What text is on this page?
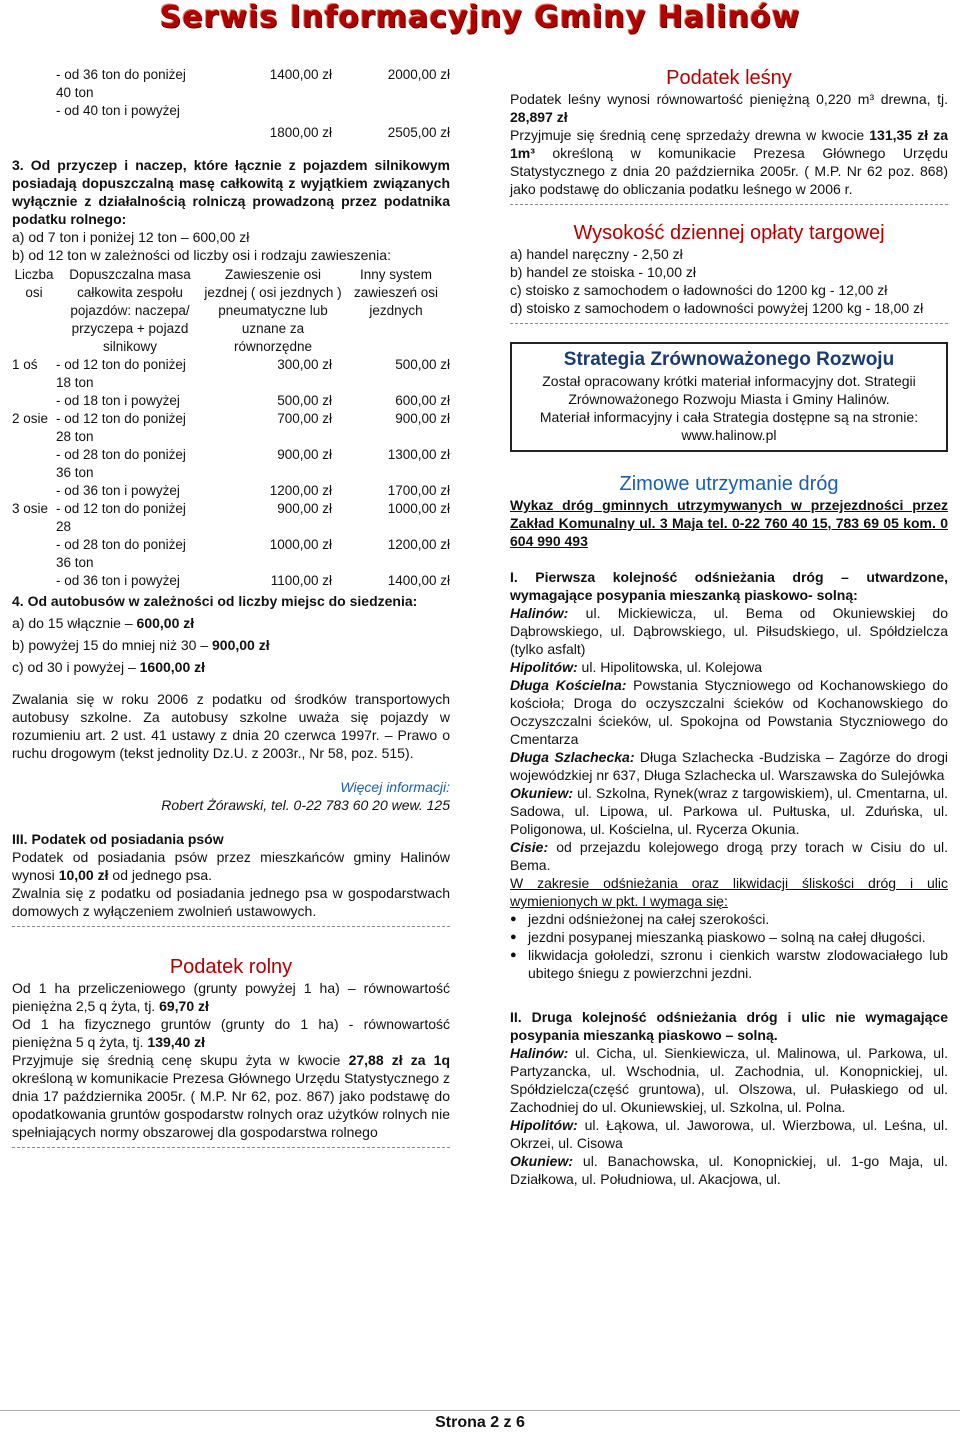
Serwis Informacyjny Gminy Halinów
	- od 36 ton do poniżej 40 ton	1400,00 zł	2000,00 zł
	- od 40 ton i powyżej	1800,00 zł	2505,00 zł

3. Od przyczep i naczep, które łącznie z pojazdem silnikowym posiadają dopuszczalną masę całkowitą z wyjątkiem związanych wyłącznie z działalnością rolniczą prowadzoną przez podatnika podatku rolnego:

a) od 7 ton i poniżej 12 ton – 600,00 zł

b) od 12 ton w zależności od liczby osi i rodzaju zawieszenia:

Liczba osi	Dopuszczalna masa całkowita zespołu pojazdów: naczepa/ przyczepa + pojazd silnikowy	Zawieszenie osi jezdnej ( osi jezdnych ) pneumatyczne lub uznane za równorzędne	Inny system zawieszeń osi jezdnych
1 oś	- od 12 ton do poniżej 18 ton	300,00 zł	500,00 zł
	- od 18 ton i powyżej	500,00 zł	600,00 zł
2 osie	- od 12 ton do poniżej 28 ton	700,00 zł	900,00 zł
	- od 28 ton do poniżej 36 ton	900,00 zł	1300,00 zł
	- od 36 ton i powyżej	1200,00 zł	1700,00 zł
3 osie	- od 12 ton do poniżej 28	900,00 zł	1000,00 zł
	- od 28 ton do poniżej 36 ton	1000,00 zł	1200,00 zł
	- od 36 ton i powyżej	1100,00 zł	1400,00 zł

4. Od autobusów w zależności od liczby miejsc do siedzenia:

a) do 15 włącznie – 600,00 zł

b) powyżej 15 do mniej niż 30 – 900,00 zł

c) od 30 i powyżej – 1600,00 zł

Zwalania się w roku 2006 z podatku od środków transportowych autobusy szkolne. Za autobusy szkolne uważa się pojazdy w rozumieniu art. 2 ust. 41 ustawy z dnia 20 czerwca 1997r. – Prawo o ruchu drogowym (tekst jednolity Dz.U. z 2003r., Nr 58, poz. 515).

Więcej informacji:

Robert Żórawski, tel. 0-22 783 60 20 wew. 125

III. Podatek od posiadania psów

Podatek od posiadania psów przez mieszkańców gminy Halinów wynosi 10,00 zł od jednego psa.

Zwalnia się z podatku od posiadania jednego psa w gospodarstwach domowych z wyłączeniem zwolnień ustawowych.

Podatek rolny

Od 1 ha przeliczeniowego (grunty powyżej 1 ha) – równowartość pieniężna 2,5 q żyta, tj. 69,70 zł

Od 1 ha fizycznego gruntów (grunty do 1 ha) - równowartość pieniężna 5 q żyta, tj. 139,40 zł

Przyjmuje się średnią cenę skupu żyta w kwocie 27,88 zł za 1q określoną w komunikacie Prezesa Głównego Urzędu Statystycznego z dnia 17 października 2005r. ( M.P. Nr 62, poz. 867) jako podstawę do opodatkowania gruntów gospodarstw rolnych oraz użytków rolnych nie spełniających normy obszarowej dla gospodarstwa rolnego

Podatek leśny

Podatek leśny wynosi równowartość pieniężną 0,220 m³ drewna, tj. 28,897 zł

Przyjmuje się średnią cenę sprzedaży drewna w kwocie 131,35 zł za 1m³ określoną w komunikacie Prezesa Głównego Urzędu Statystycznego z dnia 20 października 2005r. ( M.P. Nr 62 poz. 868) jako podstawę do obliczania podatku leśnego w 2006 r.

Wysokość dziennej opłaty targowej

a) handel naręczny - 2,50 zł

b) handel ze stoiska - 10,00 zł

c) stoisko z samochodem o ładowności do 1200 kg - 12,00 zł

d) stoisko z samochodem o ładowności powyżej 1200 kg - 18,00 zł

Strategia Zrównoważonego Rozwoju

Został opracowany krótki materiał informacyjny dot. Strategii Zrównoważonego Rozwoju Miasta i Gminy Halinów.

Materiał informacyjny i cała Strategia dostępne są na stronie:

www.halinow.pl

Zimowe utrzymanie dróg

Wykaz dróg gminnych utrzymywanych w przejezdności przez Zakład Komunalny ul. 3 Maja tel. 0-22 760 40 15, 783 69 05 kom. 0 604 990 493

I. Pierwsza kolejność odśnieżania dróg – utwardzone, wymagające posypania mieszanką piaskowo- solną:

Halinów: ul. Mickiewicza, ul. Bema od Okuniewskiej do Dąbrowskiego, ul. Dąbrowskiego, ul. Piłsudskiego, ul. Spółdzielcza (tylko asfalt)

Hipolitów: ul. Hipolitowska, ul. Kolejowa

Długa Kościelna: Powstania Styczniowego od Kochanowskiego do kościoła; Droga do oczyszczalni ścieków od Kochanowskiego do Oczyszczalni ścieków, ul. Spokojna od Powstania Styczniowego do Cmentarza

Długa Szlachecka: Długa Szlachecka -Budziska – Zagórze do drogi wojewódzkiej nr 637, Długa Szlachecka ul. Warszawska do Sulejówka

Okuniew: ul. Szkolna, Rynek(wraz z targowiskiem), ul. Cmentarna, ul. Sadowa, ul. Lipowa, ul. Parkowa ul. Pułtuska, ul. Zduńska, ul. Poligonowa, ul. Kościelna, ul. Rycerza Okunia.

Cisie: od przejazdu kolejowego drogą przy torach w Cisiu do ul. Bema.

W zakresie odśnieżania oraz likwidacji śliskości dróg i ulic wymienionych w pkt. I wymaga się:

● jezdni odśnieżonej na całej szerokości.
● jezdni posypanej mieszanką piaskowo – solną na całej długości.
● likwidacja gołoledzi, szronu i cienkich warstw zlodowaciałego lub ubitego śniegu z powierzchni jezdni.

II. Druga kolejność odśnieżania dróg i ulic nie wymagające posypania mieszanką piaskowo – solną.

Halinów: ul. Cicha, ul. Sienkiewicza, ul. Malinowa, ul. Parkowa, ul. Partyzancka, ul. Wschodnia, ul. Zachodnia, ul. Konopnickiej, ul. Spółdzielcza(część gruntowa), ul. Olszowa, ul. Pułaskiego od ul. Zachodniej do ul. Okuniewskiej, ul. Szkolna, ul. Polna.

Hipolitów: ul. Łąkowa, ul. Jaworowa, ul. Wierzbowa, ul. Leśna, ul. Okrzei, ul. Cisowa

Okuniew: ul. Banachowska, ul. Konopnickiej, ul. 1-go Maja, ul. Działkowa, ul. Południowa, ul. Akacjowa, ul.

Strona 2 z 6
